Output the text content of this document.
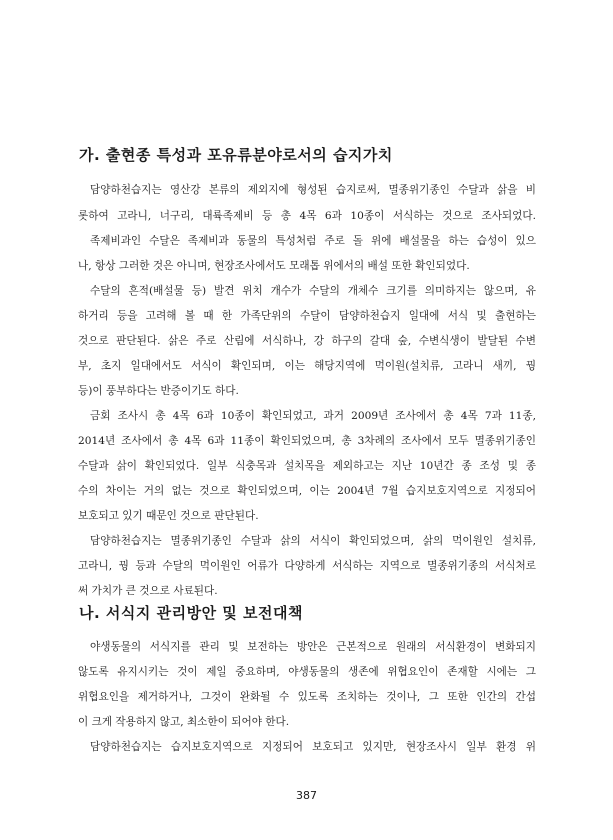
가. 출현종 특성과 포유류분야로서의 습지가치

담양하천습지는 영산강 본류의 제외지에 형성된 습지로써, 멸종위기종인 수달과 삵을 비

롯하여 고라니, 너구리, 대륙족제비 등 총 4목 6과 10종이 서식하는 것으로 조사되었다.

족제비과인 수달은 족제비과 동물의 특성처럼 주로 돌 위에 배설물을 하는 습성이 있으

나, 항상 그러한 것은 아니며, 현장조사에서도 모래톱 위에서의 배설 또한 확인되었다.

수달의 흔적(배설물 등) 발견 위치 개수가 수달의 개체수 크기를 의미하지는 않으며, 유

하거리 등을 고려해 볼 때 한 가족단위의 수달이 담양하천습지 일대에 서식 및 출현하는

것으로 판단된다. 삵은 주로 산림에 서식하나, 강 하구의 갈대 숲, 수변식생이 발달된 수변

부, 초지 일대에서도 서식이 확인되며, 이는 해당지역에 먹이원(설치류, 고라니 새끼, 꿩

등)이 풍부하다는 반증이기도 하다.

금회 조사시 총 4목 6과 10종이 확인되었고, 과거 2009년 조사에서 총 4목 7과 11종,

2014년 조사에서 총 4목 6과 11종이 확인되었으며, 총 3차례의 조사에서 모두 멸종위기종인

수달과 삵이 확인되었다. 일부 식충목과 설치목을 제외하고는 지난 10년간 종 조성 및 종

수의 차이는 거의 없는 것으로 확인되었으며, 이는 2004년 7월 습지보호지역으로 지정되어

보호되고 있기 때문인 것으로 판단된다.

담양하천습지는 멸종위기종인 수달과 삵의 서식이 확인되었으며, 삵의 먹이원인 설치류,

고라니, 꿩 등과 수달의 먹이원인 어류가 다양하게 서식하는 지역으로 멸종위기종의 서식처로

써 가치가 큰 것으로 사료된다.

나. 서식지 관리방안 및 보전대책

야생동물의 서식지를 관리 및 보전하는 방안은 근본적으로 원래의 서식환경이 변화되지

않도록 유지시키는 것이 제일 중요하며, 야생동물의 생존에 위협요인이 존재할 시에는 그

위협요인을 제거하거나, 그것이 완화될 수 있도록 조치하는 것이나, 그 또한 인간의 간섭

이 크게 작용하지 않고, 최소한이 되어야 한다.

담양하천습지는 습지보호지역으로 지정되어 보호되고 있지만, 현장조사시 일부 환경 위

387
